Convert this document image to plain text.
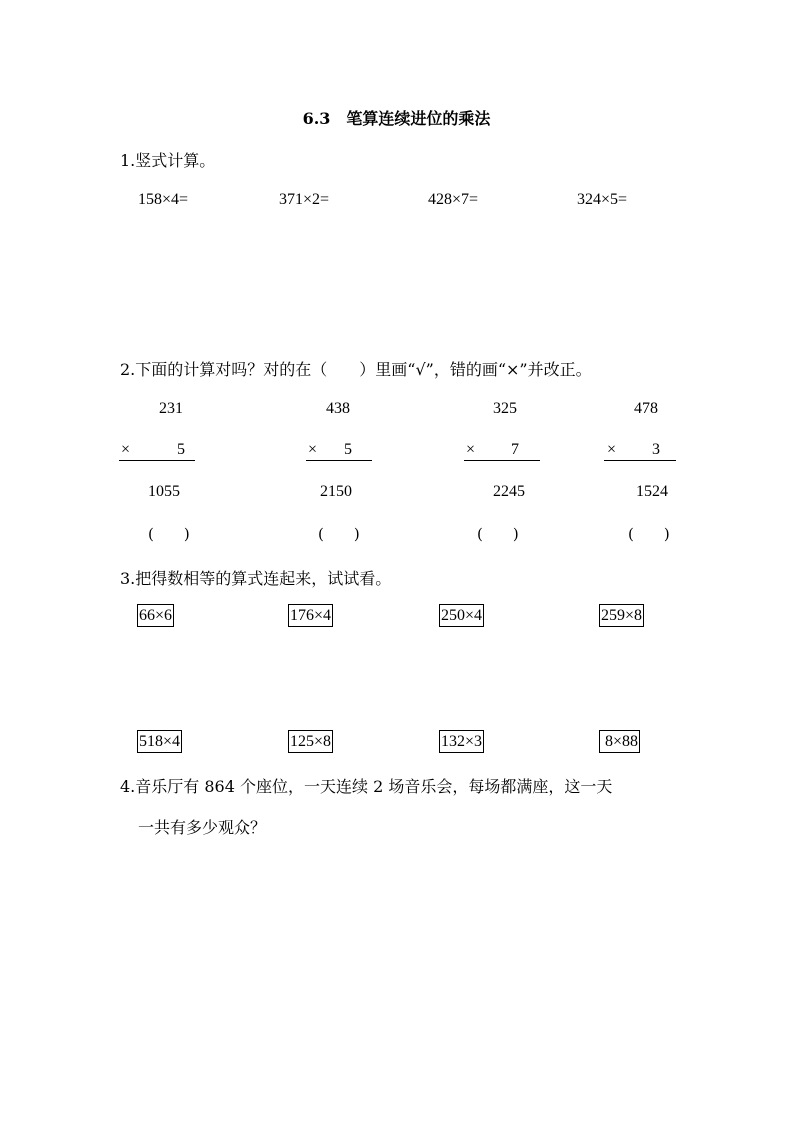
6.3 笔算连续进位的乘法
1.竖式计算。
158×4=	371×2=	428×7=	324×5=
2.下面的计算对吗？对的在（　　）里画“√”，错的画“×”并改正。
231
×	5
1055
(　　)
438
× 5
2150
(　　)
325
× 7
2245
(　　)
478
× 3
1524
(　　)
3.把得数相等的算式连起来，试试看。
66×6	176×4	250×4	259×8
518×4	125×8	132×3	8×88
4.音乐厅有 864 个座位，一天连续 2 场音乐会，每场都满座，这一天
一共有多少观众？
